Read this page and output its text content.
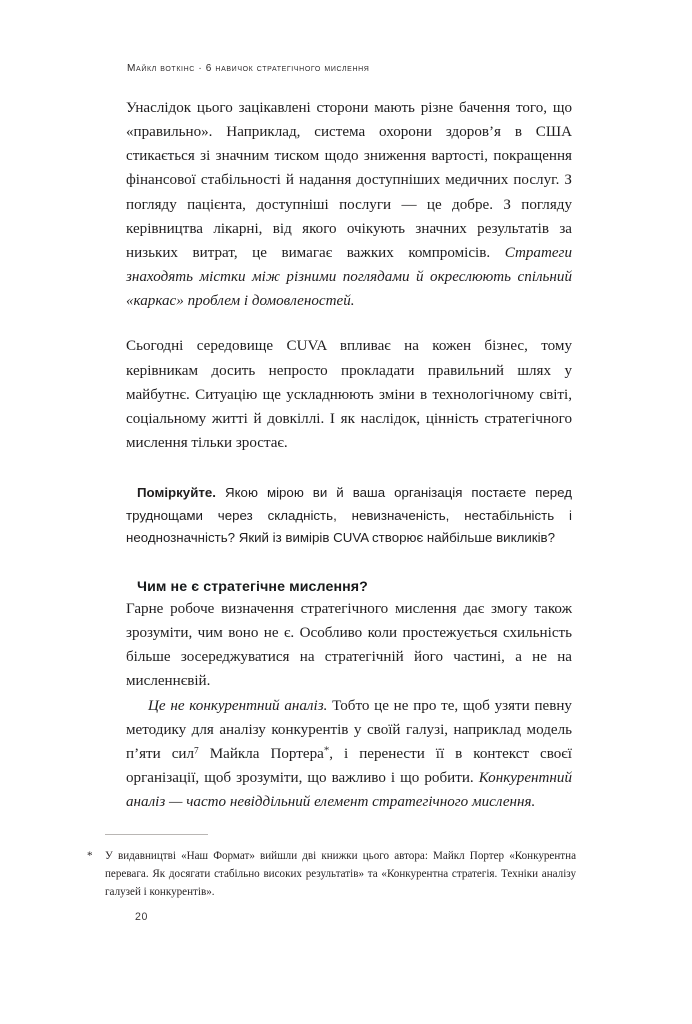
Майкл воткінс · 6 навичок стратегічного мислення

Унаслідок цього зацікавлені сторони мають різне бачення того, що «правильно». Наприклад, система охорони здоров’я в США стикається зі значним тиском щодо зниження вартості, покращення фінансової стабільності й надання доступніших медичних послуг. З погляду пацієнта, доступніші послуги — це добре. З погляду керівництва лікарні, від якого очікують значних результатів за низьких витрат, це вимагає важких компромісів. Стратеги знаходять містки між різними поглядами й окреслюють спільний «каркас» проблем і домовленостей.

Сьогодні середовище CUVA впливає на кожен бізнес, тому керівникам досить непросто прокладати правильний шлях у майбутнє. Ситуацію ще ускладнюють зміни в технологічному світі, соціальному житті й довкіллі. І як наслідок, цінність стратегічного мислення тільки зростає.

Поміркуйте. Якою мірою ви й ваша організація постаєте перед труднощами через складність, невизначеність, нестабільність і неоднозначність? Який із вимірів CUVA створює найбільше викликів?
Чим не є стратегічне мислення?

Гарне робоче визначення стратегічного мислення дає змогу також зрозуміти, чим воно не є. Особливо коли простежується схильність більше зосереджуватися на стратегічній його частині, а не на мисленнєвій.

Це не конкурентний аналіз. Тобто це не про те, щоб узяти певну методику для аналізу конкурентів у своїй галузі, наприклад модель п’яти сил$^7$ Майкла Портера*, і перенести її в контекст своєї організації, щоб зрозуміти, що важливо і що робити. Конкурентний аналіз — часто невіддільний елемент стратегічного мислення.

* У видавництві «Наш Формат» вийшли дві книжки цього автора: Майкл Портер «Конкурентна перевага. Як досягати стабільно високих результатів» та «Конкурентна стратегія. Техніки аналізу галузей і конкурентів».
20
